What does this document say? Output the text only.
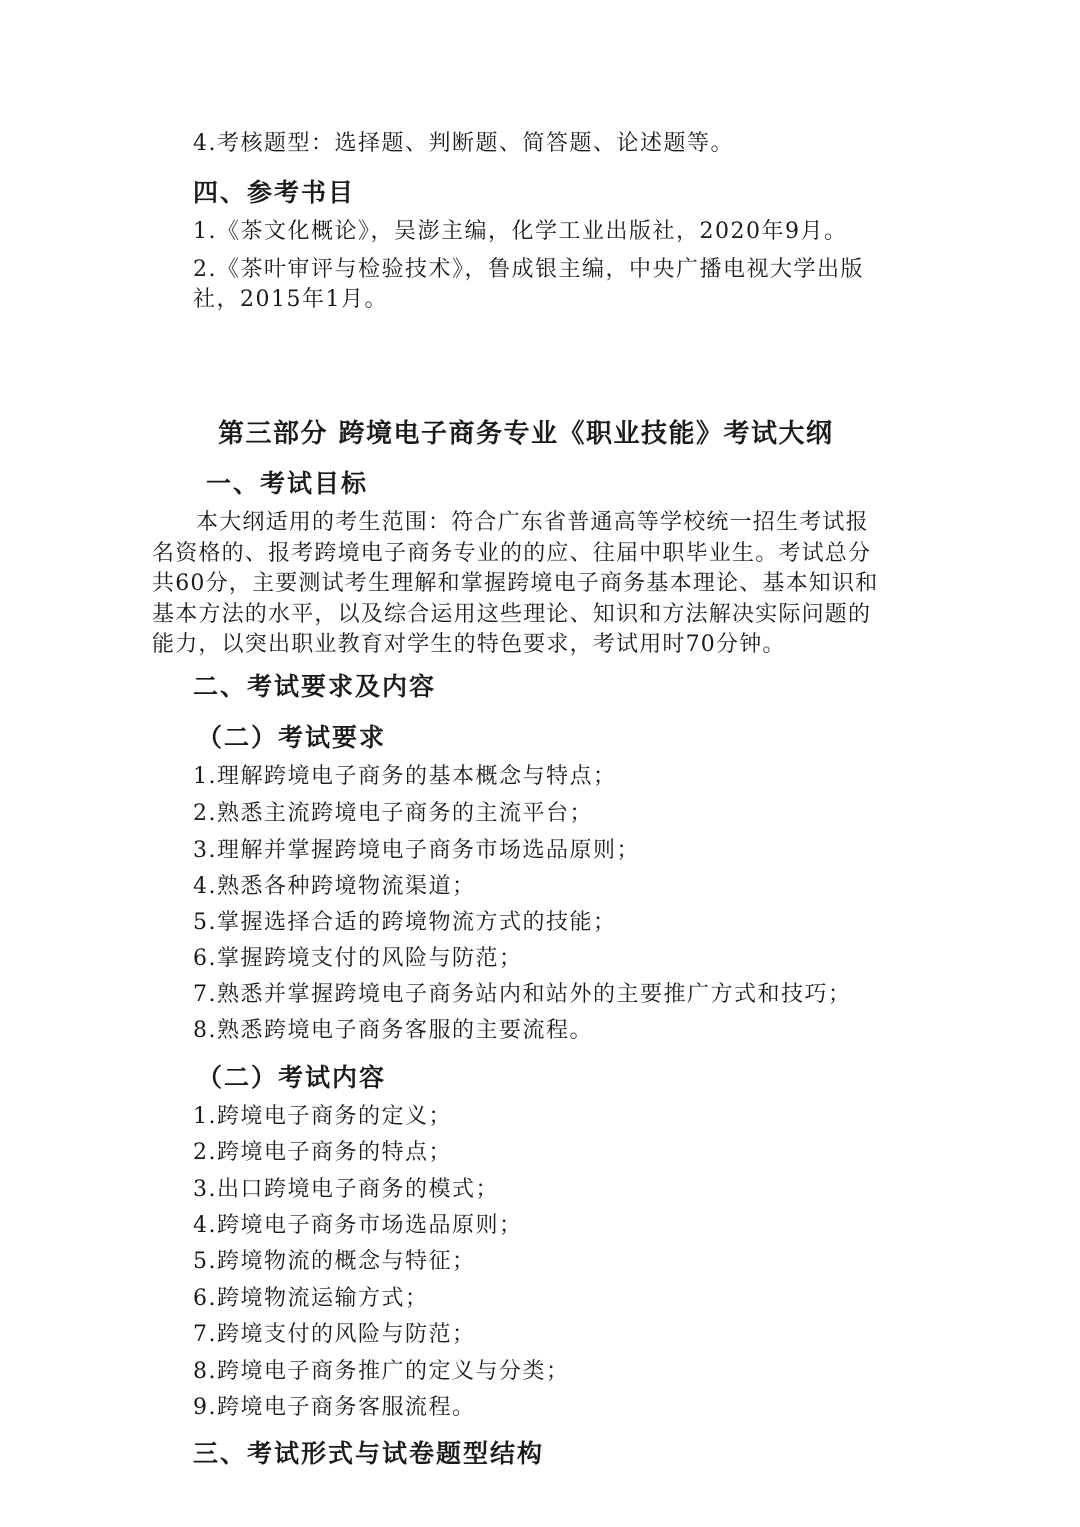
4.考核题型：选择题、判断题、简答题、论述题等。
四、参考书目
1.《茶文化概论》，吴澎主编，化学工业出版社，2020年9月。
2.《茶叶审评与检验技术》，鲁成银主编，中央广播电视大学出版
社，2015年1月。
第三部分 跨境电子商务专业《职业技能》考试大纲
一、考试目标
本大纲适用的考生范围：符合广东省普通高等学校统一招生考试报
名资格的、报考跨境电子商务专业的的应、往届中职毕业生。考试总分
共60分，主要测试考生理解和掌握跨境电子商务基本理论、基本知识和
基本方法的水平，以及综合运用这些理论、知识和方法解决实际问题的
能力，以突出职业教育对学生的特色要求，考试用时70分钟。
二、考试要求及内容
（二）考试要求
1.理解跨境电子商务的基本概念与特点；
2.熟悉主流跨境电子商务的主流平台；
3.理解并掌握跨境电子商务市场选品原则；
4.熟悉各种跨境物流渠道；
5.掌握选择合适的跨境物流方式的技能；
6.掌握跨境支付的风险与防范；
7.熟悉并掌握跨境电子商务站内和站外的主要推广方式和技巧；
8.熟悉跨境电子商务客服的主要流程。
（二）考试内容
1.跨境电子商务的定义；
2.跨境电子商务的特点；
3.出口跨境电子商务的模式；
4.跨境电子商务市场选品原则；
5.跨境物流的概念与特征；
6.跨境物流运输方式；
7.跨境支付的风险与防范；
8.跨境电子商务推广的定义与分类；
9.跨境电子商务客服流程。
三、考试形式与试卷题型结构
